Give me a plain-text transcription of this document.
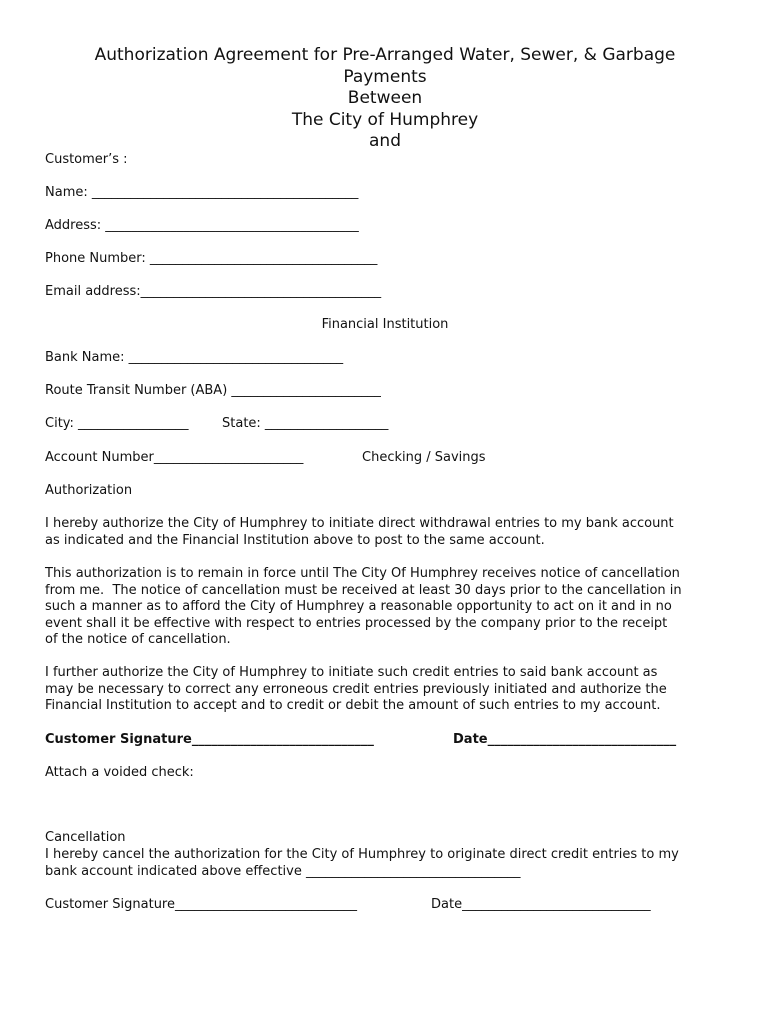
Authorization Agreement for Pre-Arranged Water, Sewer, & Garbage
Payments
Between
The City of Humphrey
and
Customer’s :
Name: _________________________________________
Address: _______________________________________
Phone Number: ___________________________________
Email address:_____________________________________
Financial Institution
Bank Name: _________________________________
Route Transit Number (ABA) _______________________
City: _________________	State: ___________________
Account Number_______________________	Checking / Savings
Authorization
I hereby authorize the City of Humphrey to initiate direct withdrawal entries to my bank account
as indicated and the Financial Institution above to post to the same account.
This authorization is to remain in force until The City Of Humphrey receives notice of cancellation
from me.  The notice of cancellation must be received at least 30 days prior to the cancellation in
such a manner as to afford the City of Humphrey a reasonable opportunity to act on it and in no
event shall it be effective with respect to entries processed by the company prior to the receipt
of the notice of cancellation.
I further authorize the City of Humphrey to initiate such credit entries to said bank account as
may be necessary to correct any erroneous credit entries previously initiated and authorize the
Financial Institution to accept and to credit or debit the amount of such entries to my account.
Customer Signature____________________________	Date_____________________________
Attach a voided check:
Cancellation
I hereby cancel the authorization for the City of Humphrey to originate direct credit entries to my
bank account indicated above effective _________________________________
Customer Signature____________________________	Date_____________________________
